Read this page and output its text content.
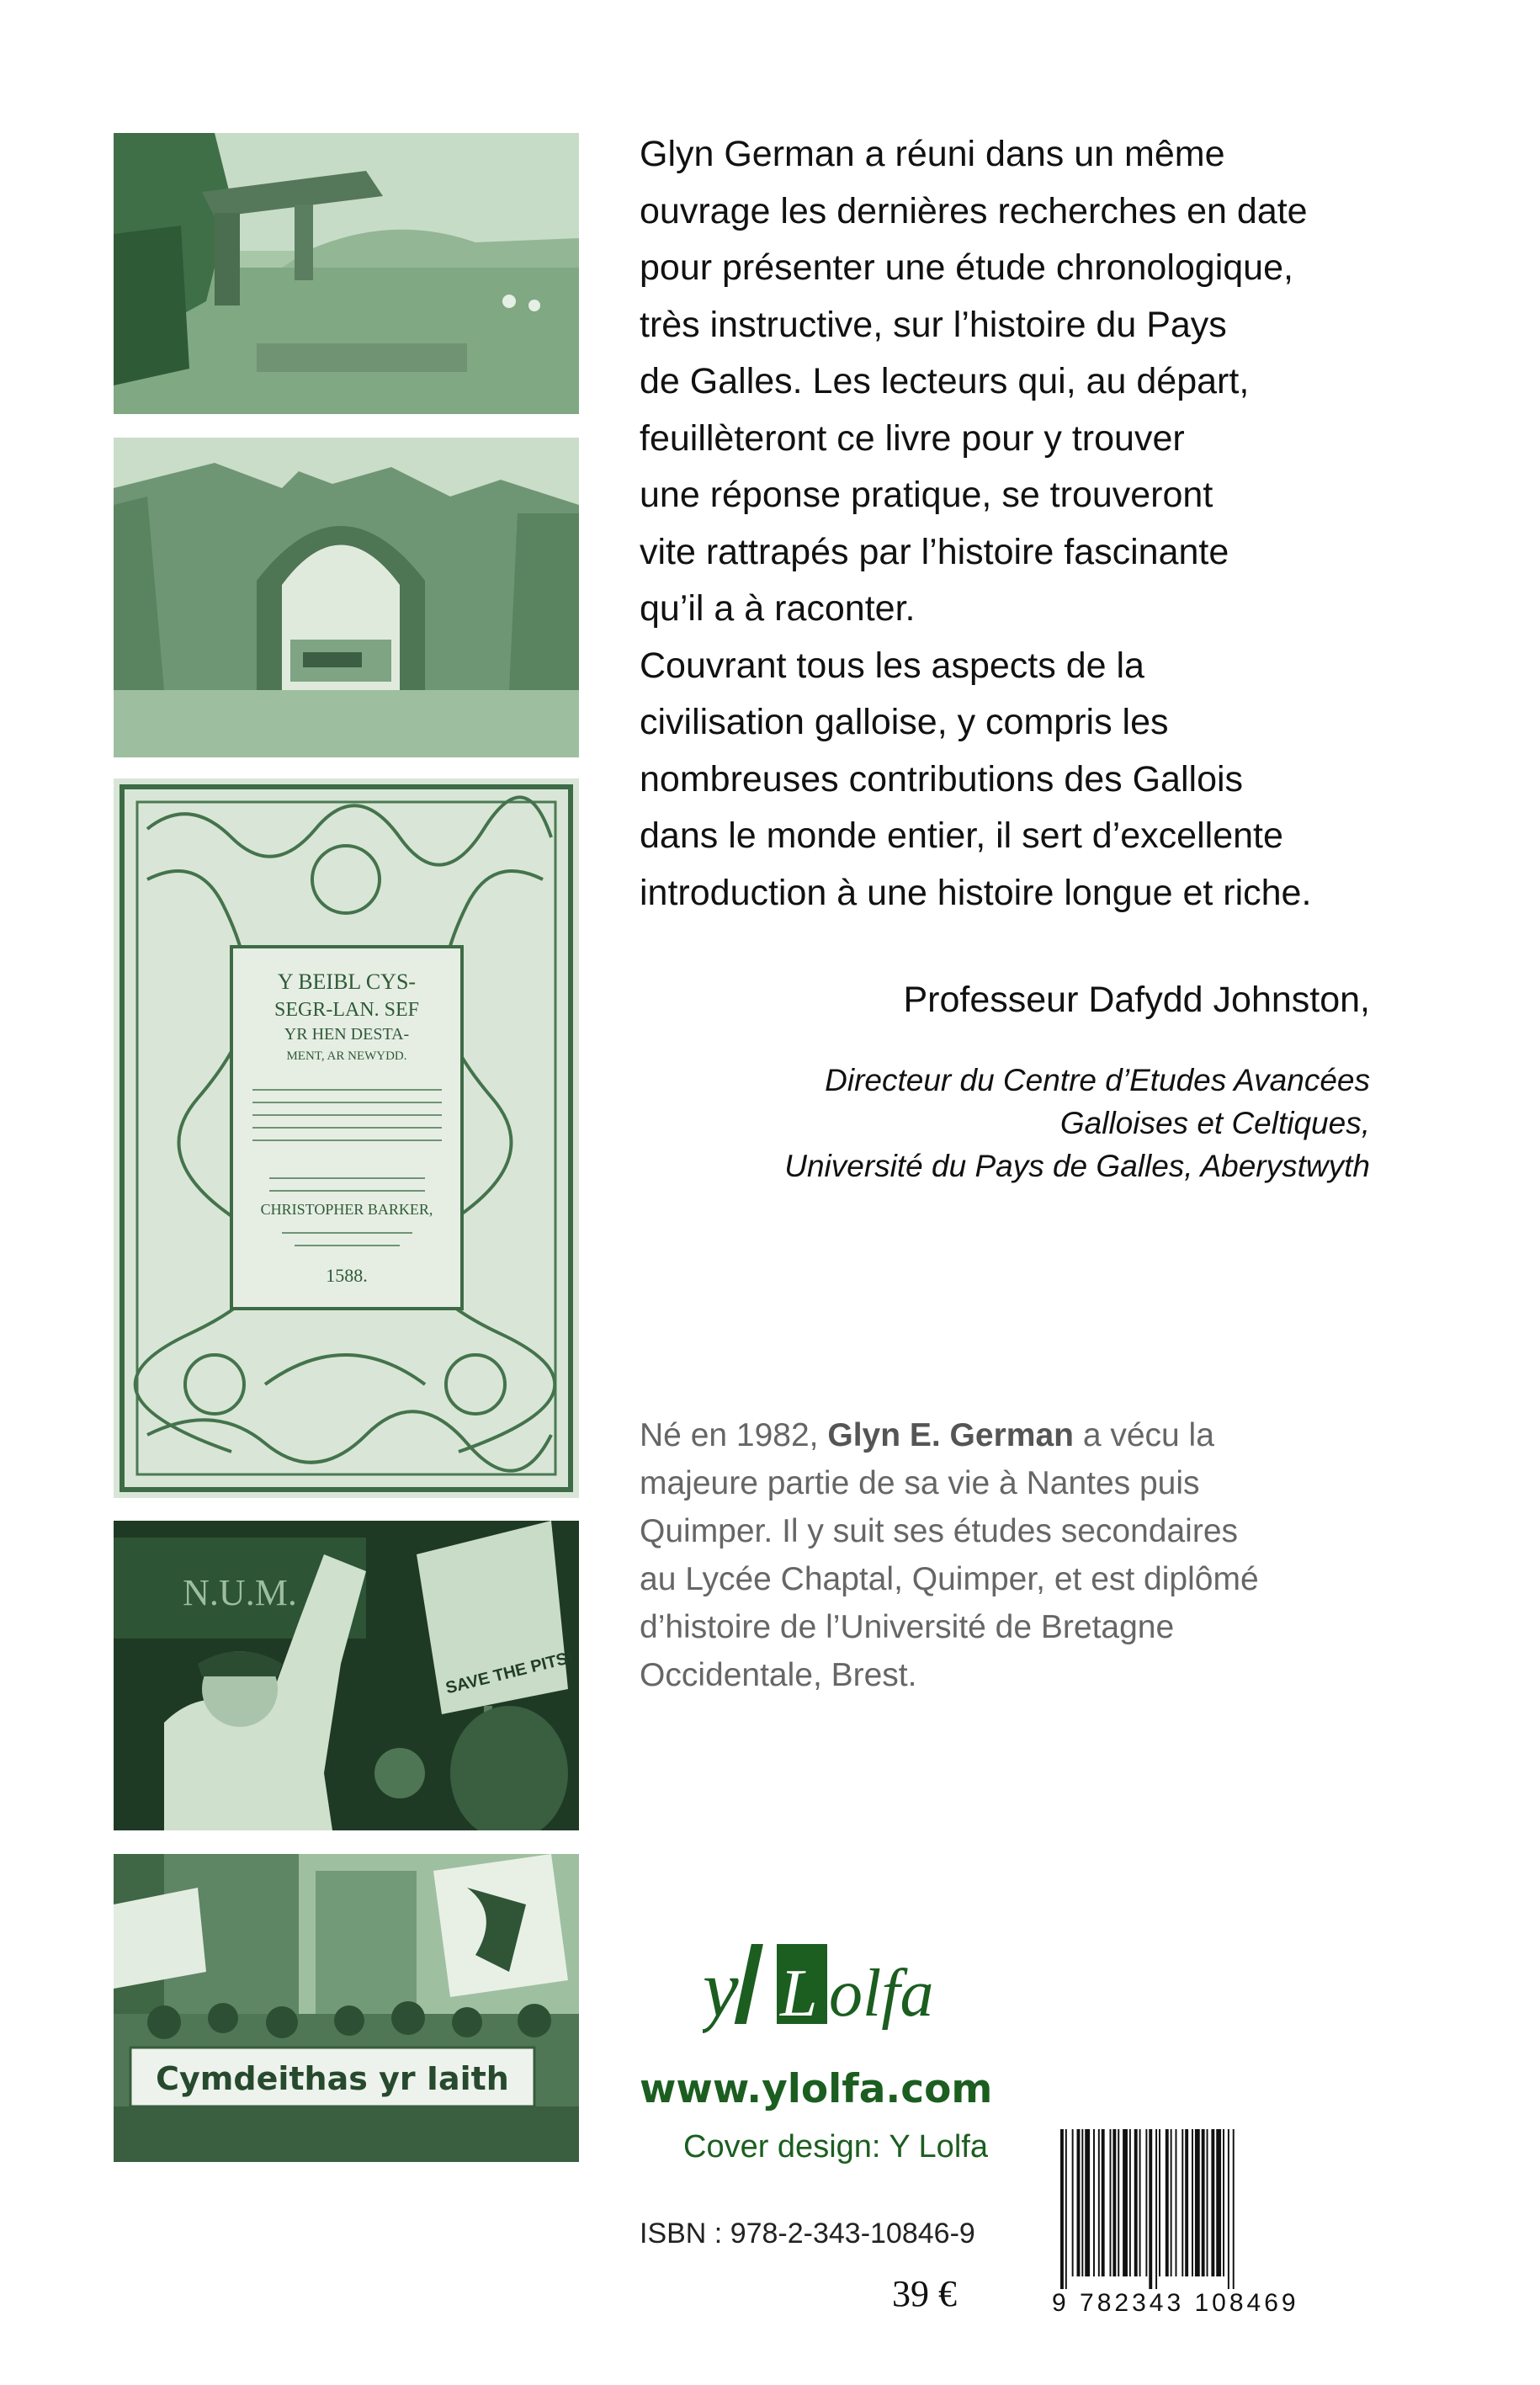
Y BEIBL CYS-
SEGR-LAN. SEF
YR HEN DESTA-
MENT, AR NEWYDD.
CHRISTOPHER BARKER,
1588.
N.U.M.
SAVE THE PITS!
Cymdeithas yr Iaith

Glyn German a réuni dans un même

ouvrage les dernières recherches en date

pour présenter une étude chronologique,

très instructive, sur l’histoire du Pays

de Galles. Les lecteurs qui, au départ,

feuillèteront ce livre pour y trouver

une réponse pratique, se trouveront

vite rattrapés par l’histoire fascinante

qu’il a à raconter.

Couvrant tous les aspects de la

civilisation galloise, y compris les

nombreuses contributions des Gallois

dans le monde entier, il sert d’excellente

introduction à une histoire longue et riche.

Professeur Dafydd Johnston,
Directeur du Centre d’Etudes Avancées
Galloises et Celtiques,
Université du Pays de Galles, Aberystwyth
Né en 1982, Glyn E. German a vécu la
majeure partie de sa vie à Nantes puis
Quimper. Il y suit ses études secondaires
au Lycée Chaptal, Quimper, et est diplômé
d’histoire de l’Université de Bretagne
Occidentale, Brest.
y L olfa
www.ylolfa.com
Cover design: Y Lolfa
ISBN : 978-2-343-10846-9
39 €	9 782343 108469
